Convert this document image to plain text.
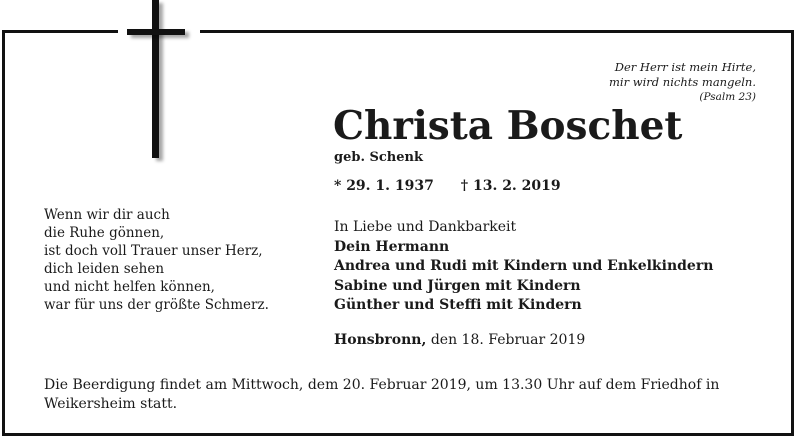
Der Herr ist mein Hirte,
mir wird nichts mangeln.
(Psalm 23)
Christa Boschet
geb. Schenk
* 29. 1. 1937 † 13. 2. 2019
Wenn wir dir auch
die Ruhe gönnen,
ist doch voll Trauer unser Herz,
dich leiden sehen
und nicht helfen können,
war für uns der größte Schmerz.
In Liebe und Dankbarkeit
Dein Hermann
Andrea und Rudi mit Kindern und Enkelkindern
Sabine und Jürgen mit Kindern
Günther und Steffi mit Kindern
Honsbronn, den 18. Februar 2019
Die Beerdigung findet am Mittwoch, dem 20. Februar 2019, um 13.30 Uhr auf dem Friedhof in Weikersheim statt.
